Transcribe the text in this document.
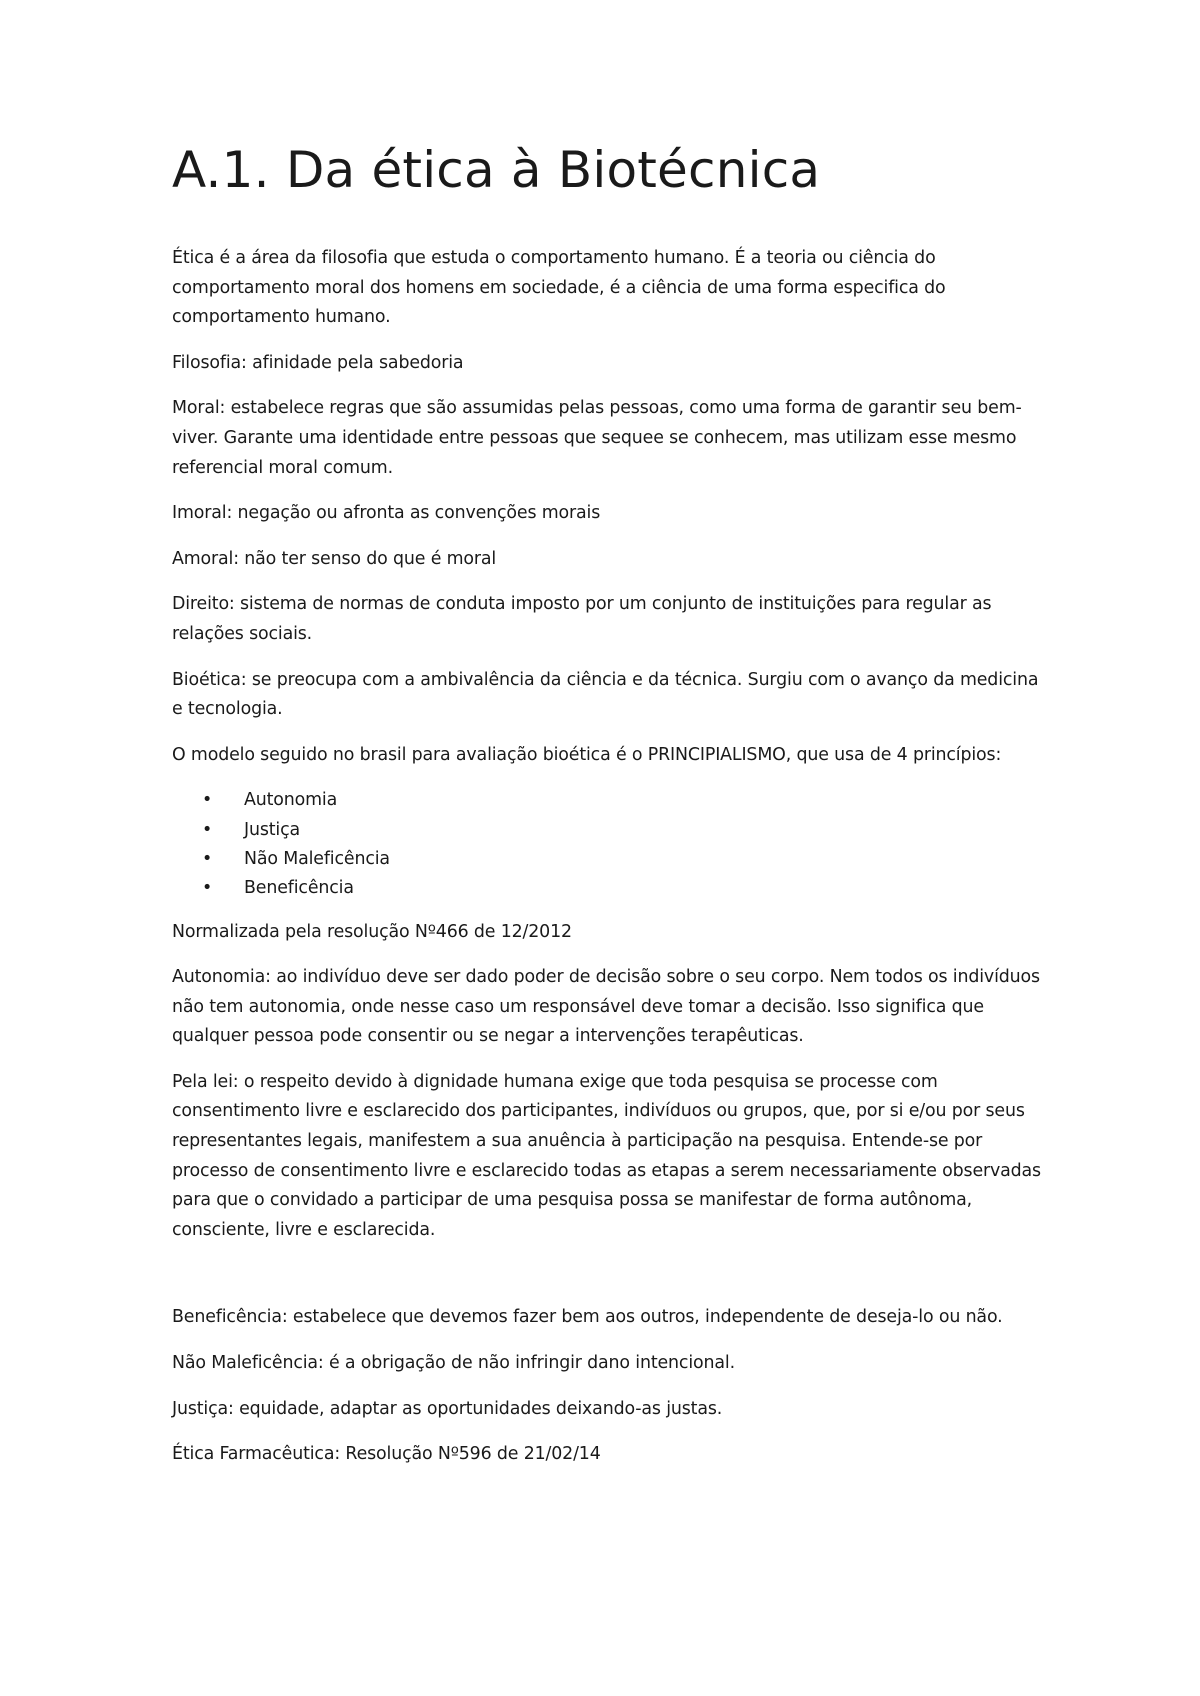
A.1. Da ética à Biotécnica

Ética é a área da filosofia que estuda o comportamento humano. É a teoria ou ciência do comportamento moral dos homens em sociedade, é a ciência de uma forma especifica do comportamento humano.

Filosofia: afinidade pela sabedoria

Moral: estabelece regras que são assumidas pelas pessoas, como uma forma de garantir seu bem-viver. Garante uma identidade entre pessoas que sequee se conhecem, mas utilizam esse mesmo referencial moral comum.

Imoral: negação ou afronta as convenções morais

Amoral: não ter senso do que é moral

Direito: sistema de normas de conduta imposto por um conjunto de instituições para regular as relações sociais.

Bioética: se preocupa com a ambivalência da ciência e da técnica. Surgiu com o avanço da medicina e tecnologia.

O modelo seguido no brasil para avaliação bioética é o PRINCIPIALISMO, que usa de 4 princípios:

• Autonomia
• Justiça
• Não Maleficência
• Beneficência

Normalizada pela resolução Nº466 de 12/2012

Autonomia: ao indivíduo deve ser dado poder de decisão sobre o seu corpo. Nem todos os indivíduos não tem autonomia, onde nesse caso um responsável deve tomar a decisão. Isso significa que qualquer pessoa pode consentir ou se negar a intervenções terapêuticas.

Pela lei: o respeito devido à dignidade humana exige que toda pesquisa se processe com consentimento livre e esclarecido dos participantes, indivíduos ou grupos, que, por si e/ou por seus representantes legais, manifestem a sua anuência à participação na pesquisa. Entende-se por processo de consentimento livre e esclarecido todas as etapas a serem necessariamente observadas para que o convidado a participar de uma pesquisa possa se manifestar de forma autônoma, consciente, livre e esclarecida.

Beneficência: estabelece que devemos fazer bem aos outros, independente de deseja-lo ou não.

Não Maleficência: é a obrigação de não infringir dano intencional.

Justiça: equidade, adaptar as oportunidades deixando-as justas.

Ética Farmacêutica: Resolução Nº596 de 21/02/14
